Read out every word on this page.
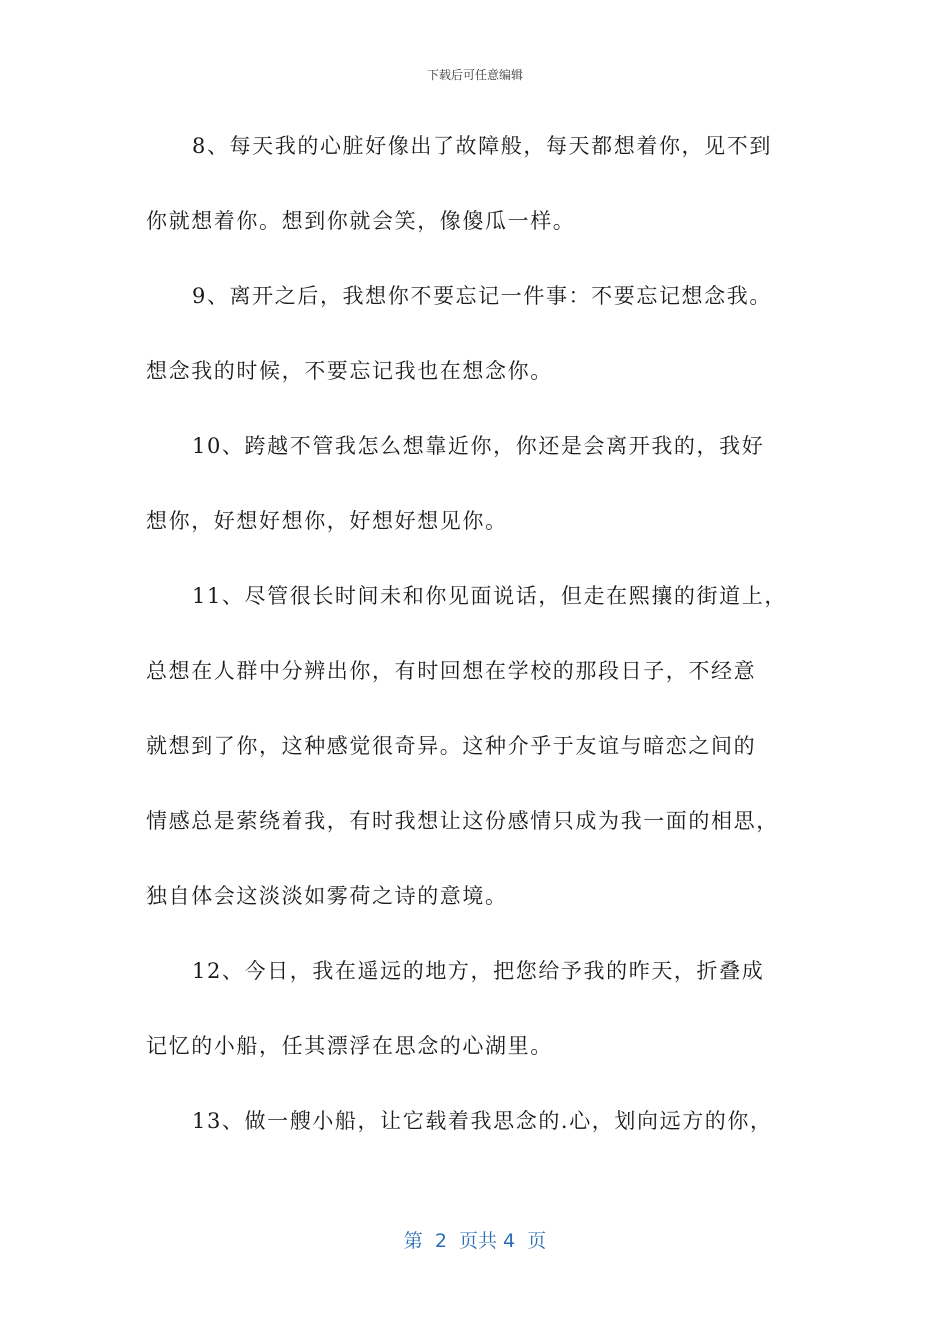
下载后可任意编辑
8、每天我的心脏好像出了故障般，每天都想着你，见不到
你就想着你。想到你就会笑，像傻瓜一样。
9、离开之后，我想你不要忘记一件事：不要忘记想念我。
想念我的时候，不要忘记我也在想念你。
10、跨越不管我怎么想靠近你，你还是会离开我的，我好
想你，好想好想你，好想好想见你。
11、尽管很长时间未和你见面说话，但走在熙攘的街道上，
总想在人群中分辨出你，有时回想在学校的那段日子，不经意
就想到了你，这种感觉很奇异。这种介乎于友谊与暗恋之间的
情感总是萦绕着我，有时我想让这份感情只成为我一面的相思，
独自体会这淡淡如雾荷之诗的意境。
12、今日，我在遥远的地方，把您给予我的昨天，折叠成
记忆的小船，任其漂浮在思念的心湖里。
13、做一艘小船，让它载着我思念的.心，划向远方的你，
第  2  页共 4  页
